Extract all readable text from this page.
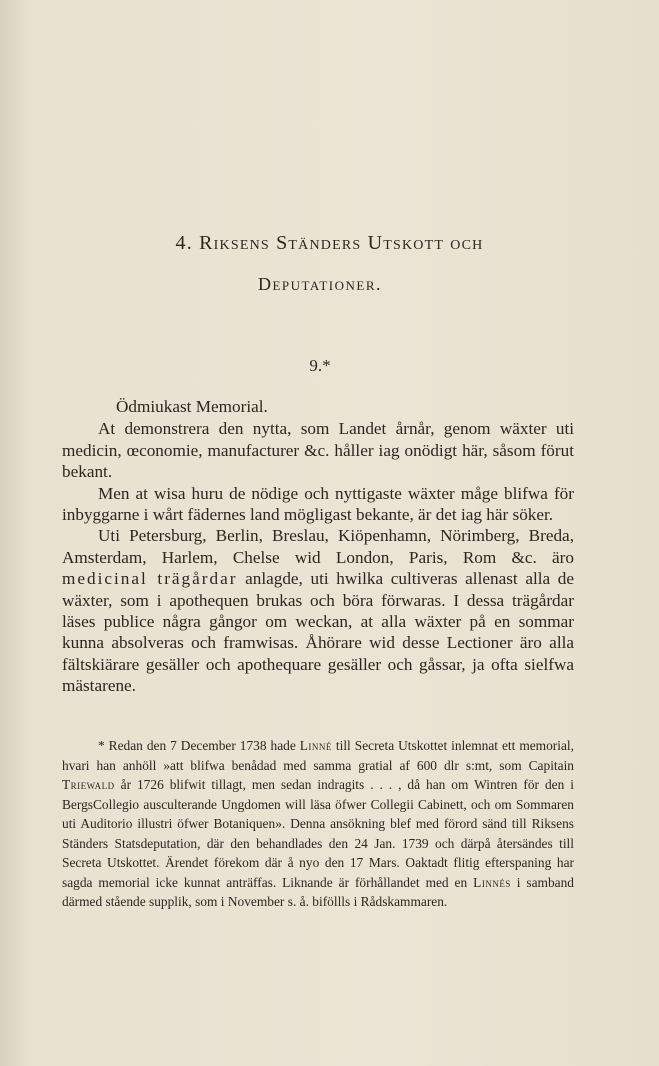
4. Riksens Ständers Utskott och
Deputationer.
9.*

Ödmiukast Memorial.

At demonstrera den nytta, som Landet årnår, genom wäxter uti medicin, œconomie, manufacturer &c. håller iag onödigt här, såsom förut bekant.

Men at wisa huru de nödige och nyttigaste wäxter måge blifwa för inbyggarne i wårt fädernes land mögligast bekante, är det iag här söker.

Uti Petersburg, Berlin, Breslau, Kiöpenhamn, Nörimberg, Breda, Amsterdam, Harlem, Chelse wid London, Paris, Rom &c. äro medicinal trägårdar anlagde, uti hwilka cultiveras allenast alla de wäxter, som i apothequen brukas och böra förwaras. I dessa trägårdar läses publice några gångor om weckan, at alla wäxter på en sommar kunna absolveras och framwisas. Åhörare wid desse Lectioner äro alla fältskiärare gesäller och apothequare gesäller och gåssar, ja ofta sielfwa mästarene.

* Redan den 7 December 1738 hade Linné till Secreta Utskottet inlemnat ett memorial, hvari han anhöll »att blifwa benådad med samma gratial af 600 dlr s:mt, som Capitain Triewald år 1726 blifwit tillagt, men sedan indragits . . . , då han om Wintren för den i BergsCollegio ausculterande Ungdomen will läsa öfwer Collegii Cabinett, och om Sommaren uti Auditorio illustri öfwer Botaniquen». Denna ansökning blef med förord sänd till Riksens Ständers Statsdeputation, där den behandlades den 24 Jan. 1739 och därpå återsändes till Secreta Utskottet. Ärendet förekom där å nyo den 17 Mars. Oaktadt flitig efterspaning har sagda memorial icke kunnat anträffas. Liknande är förhållandet med en Linnés i samband därmed stående supplik, som i November s. å. biföllls i Rådskammaren.
